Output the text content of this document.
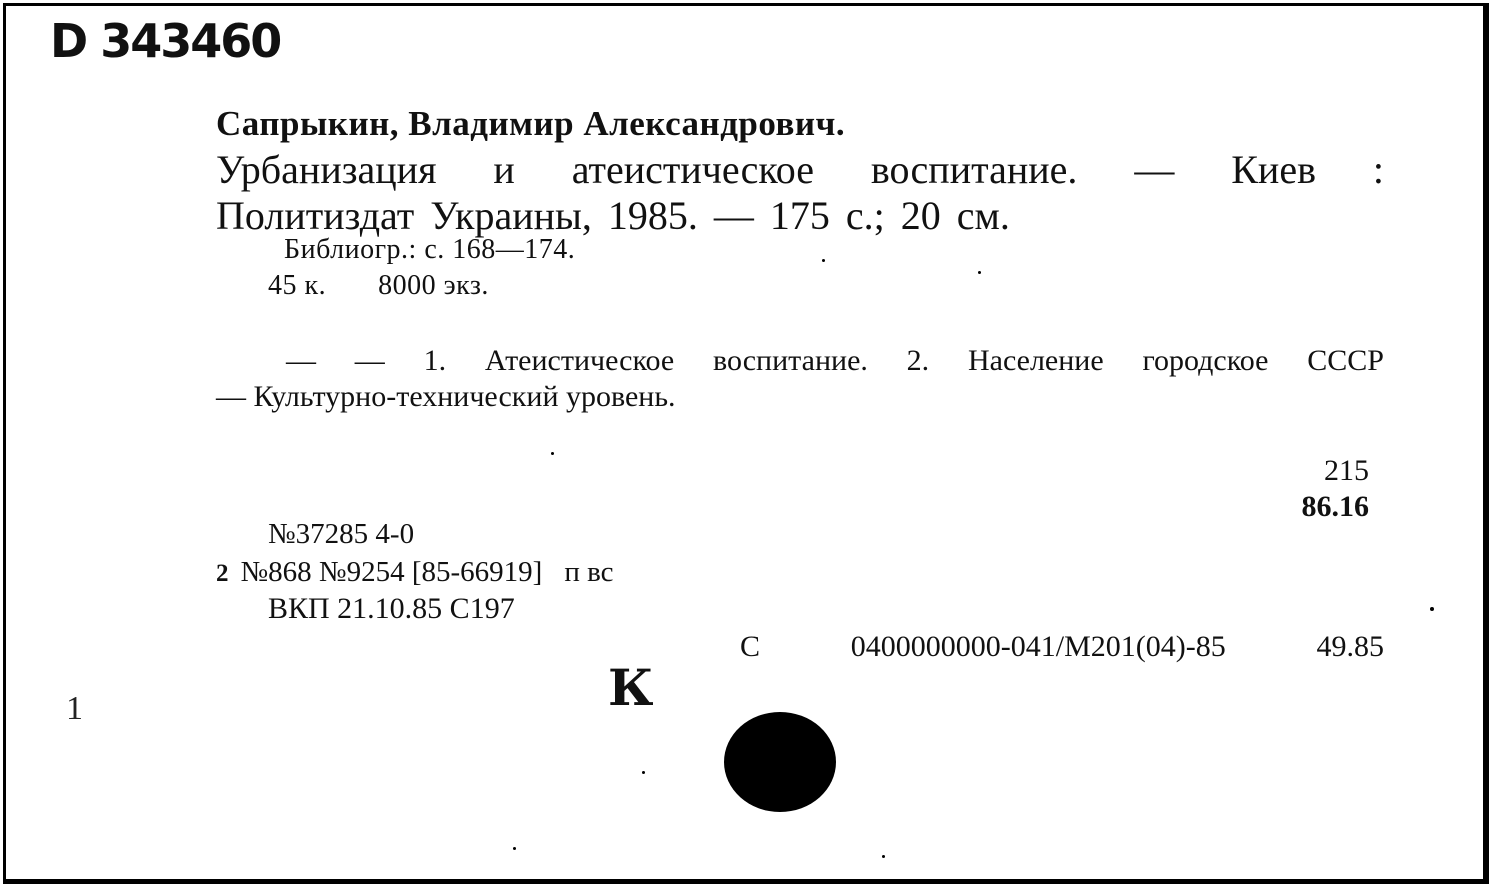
D 343460
Сапрыкин, Владимир Александрович.
Урбанизация и атеистическое воспитание. — Киев :
Политиздат Украины, 1985. — 175 с.; 20 см.
Библиогр.: с. 168—174.
45 к. 8000 экз.
— — 1. Атеистическое воспитание. 2. Население городское СССР
— Культурно-технический уровень.
215
86.16
№37285 4-0
2 №868 №9254 [85-66919] п вс
ВКП 21.10.85 С197
С 0400000000-041/М201(04)-85 49.85
К
1
